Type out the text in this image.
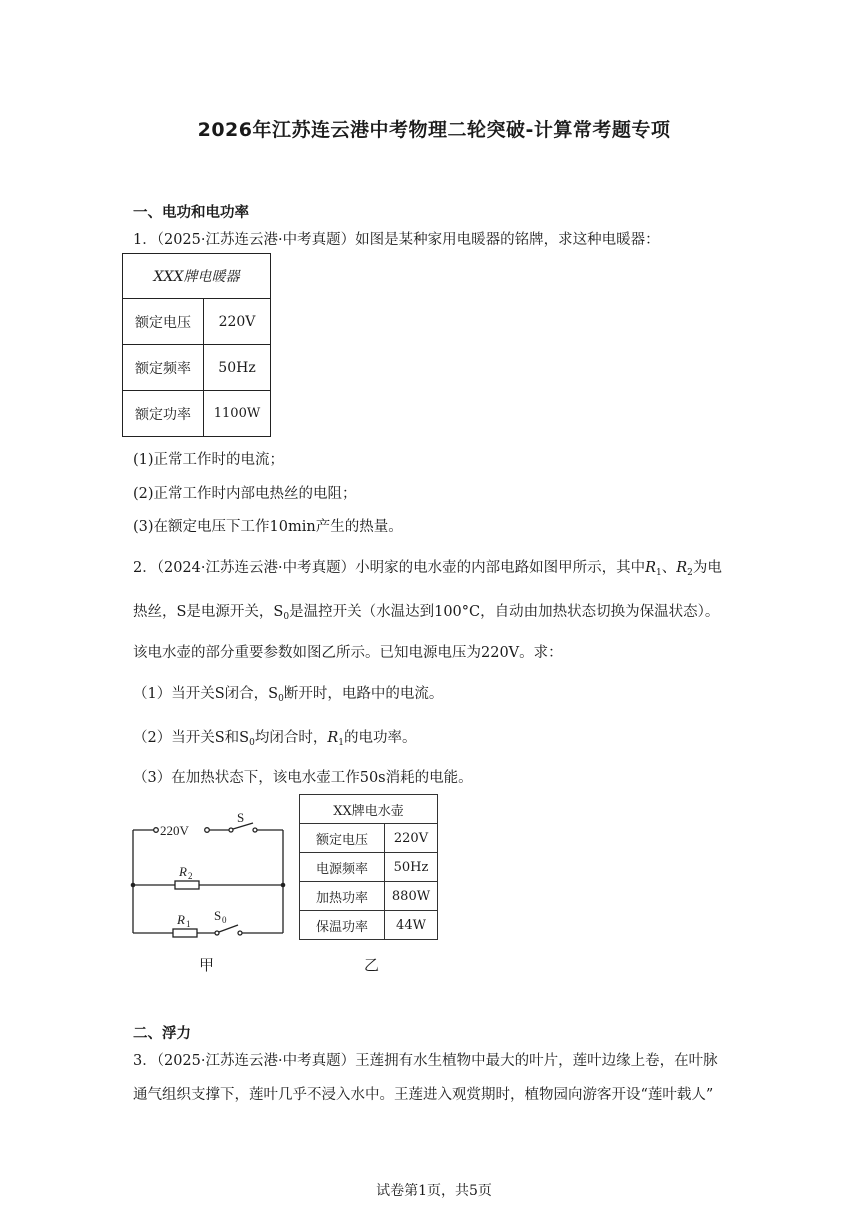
2026年江苏连云港中考物理二轮突破-计算常考题专项
一、电功和电功率
1．（2025·江苏连云港·中考真题）如图是某种家用电暖器的铭牌，求这种电暖器：
XXX牌电暖器	
额定电压	220V
额定频率	50Hz
额定功率	1100W
(1)正常工作时的电流；
(2)正常工作时内部电热丝的电阻；
(3)在额定电压下工作10min产生的热量。
2．（2024·江苏连云港·中考真题）小明家的电水壶的内部电路如图甲所示，其中$R_1$、$R_2$为电
热丝，S是电源开关，$S_0$是温控开关（水温达到100°C，自动由加热状态切换为保温状态）。
该电水壶的部分重要参数如图乙所示。已知电源电压为220V。求：
（1）当开关S闭合，$S_0$断开时，电路中的电流。
（2）当开关S和$S_0$均闭合时，$R_1$的电功率。
（3）在加热状态下，该电水壶工作50s消耗的电能。
220V
S
R 2
R 1
S 0
甲
XX牌电水壶	
额定电压	220V
电源频率	50Hz
加热功率	880W
保温功率	44W
乙
二、浮力
3．（2025·江苏连云港·中考真题）王莲拥有水生植物中最大的叶片，莲叶边缘上卷，在叶脉
通气组织支撑下，莲叶几乎不浸入水中。王莲进入观赏期时，植物园向游客开设“莲叶载人”
试卷第1页，共5页
